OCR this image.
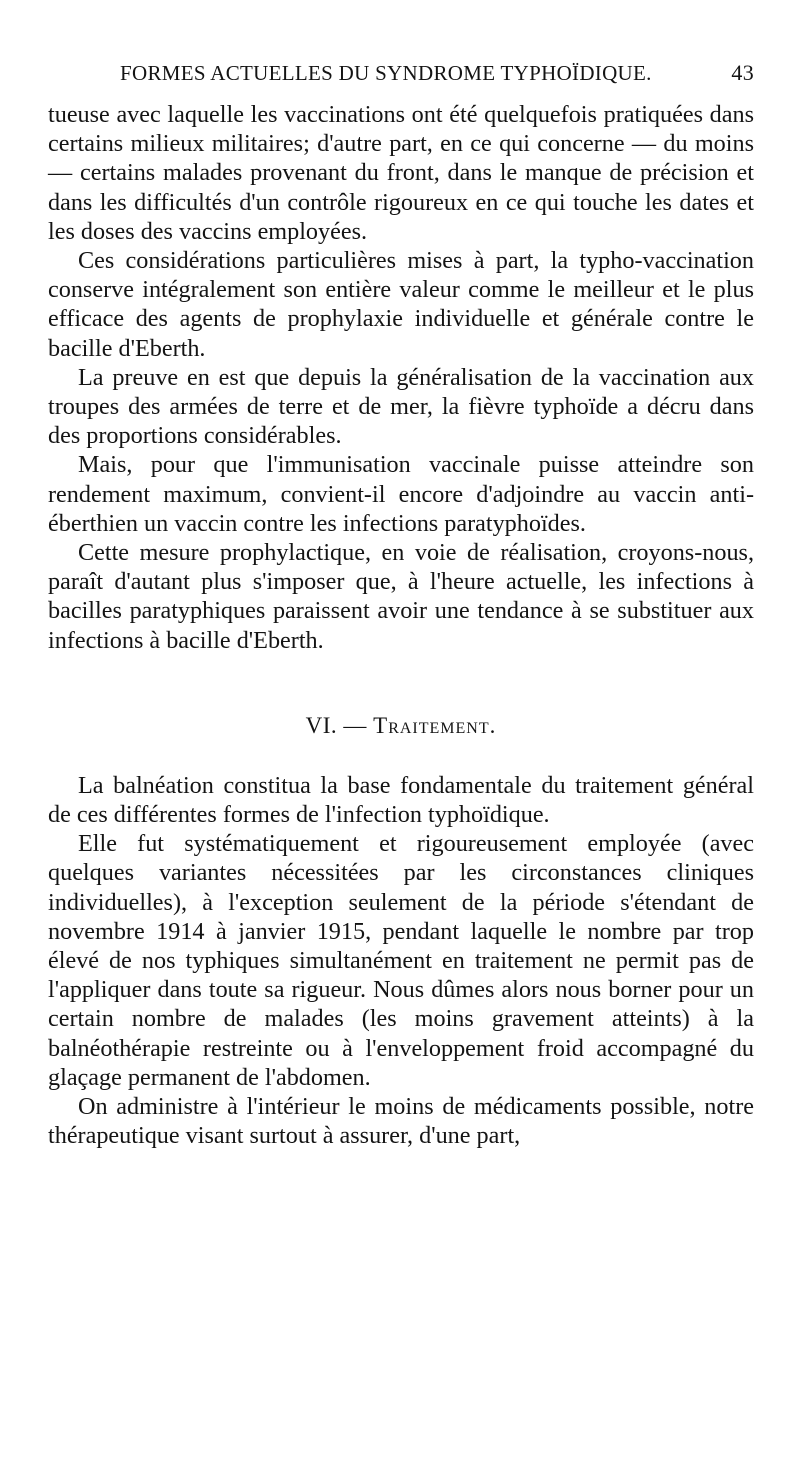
FORMES ACTUELLES DU SYNDROME TYPHOÏDIQUE.	43

tueuse avec laquelle les vaccinations ont été quelquefois pratiquées dans certains milieux militaires; d'autre part, en ce qui concerne — du moins — certains malades provenant du front, dans le manque de précision et dans les difficultés d'un contrôle rigoureux en ce qui touche les dates et les doses des vaccins employées.

Ces considérations particulières mises à part, la typho-vaccination conserve intégralement son entière valeur comme le meilleur et le plus efficace des agents de prophylaxie individuelle et générale contre le bacille d'Eberth.

La preuve en est que depuis la généralisation de la vaccination aux troupes des armées de terre et de mer, la fièvre typhoïde a décru dans des proportions considérables.

Mais, pour que l'immunisation vaccinale puisse atteindre son rendement maximum, convient-il encore d'adjoindre au vaccin anti-éberthien un vaccin contre les infections paratyphoïdes.

Cette mesure prophylactique, en voie de réalisation, croyons-nous, paraît d'autant plus s'imposer que, à l'heure actuelle, les infections à bacilles paratyphiques paraissent avoir une tendance à se substituer aux infections à bacille d'Eberth.

VI. — Traitement.

La balnéation constitua la base fondamentale du traitement général de ces différentes formes de l'infection typhoïdique.

Elle fut systématiquement et rigoureusement employée (avec quelques variantes nécessitées par les circonstances cliniques individuelles), à l'exception seulement de la période s'étendant de novembre 1914 à janvier 1915, pendant laquelle le nombre par trop élevé de nos typhiques simultanément en traitement ne permit pas de l'appliquer dans toute sa rigueur. Nous dûmes alors nous borner pour un certain nombre de malades (les moins gravement atteints) à la balnéothérapie restreinte ou à l'enveloppement froid accompagné du glaçage permanent de l'abdomen.

On administre à l'intérieur le moins de médicaments possible, notre thérapeutique visant surtout à assurer, d'une part,
